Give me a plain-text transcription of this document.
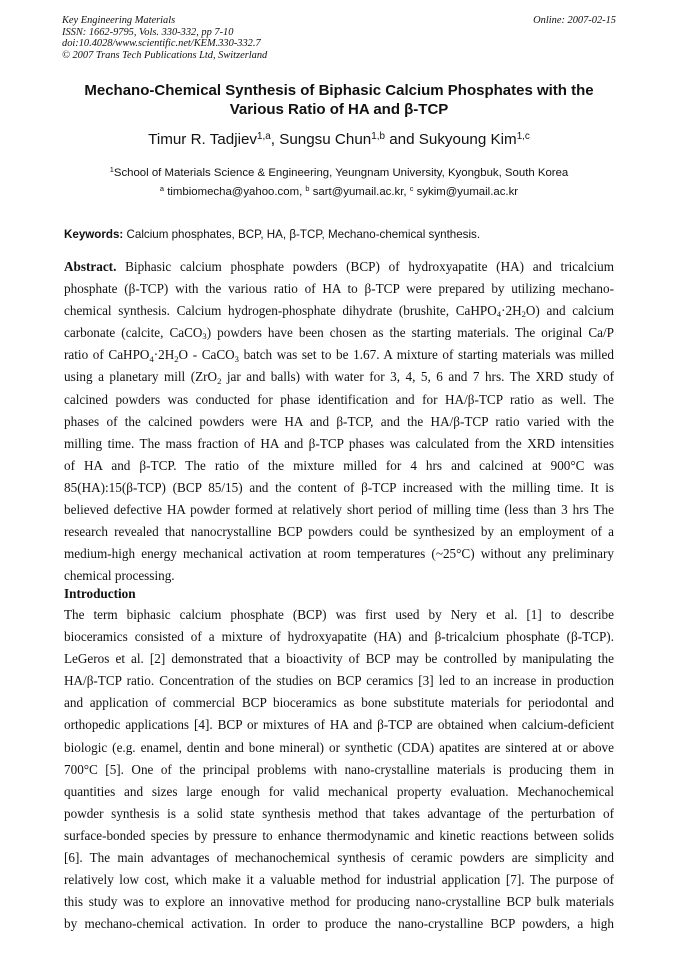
Key Engineering Materials
ISSN: 1662-9795, Vols. 330-332, pp 7-10
doi:10.4028/www.scientific.net/KEM.330-332.7
© 2007 Trans Tech Publications Ltd, Switzerland
Online: 2007-02-15
Mechano-Chemical Synthesis of Biphasic Calcium Phosphates with the
Various Ratio of HA and β-TCP
Timur R. Tadjiev$^{1,a}$, Sungsu Chun$^{1,b}$ and Sukyoung Kim$^{1,c}$
$^1$School of Materials Science & Engineering, Yeungnam University, Kyongbuk, South Korea
$^a$ timbiomecha@yahoo.com, $^b$ sart@yumail.ac.kr, $^c$ sykim@yumail.ac.kr
Keywords: Calcium phosphates, BCP, HA, β-TCP, Mechano-chemical synthesis.
Abstract. Biphasic calcium phosphate powders (BCP) of hydroxyapatite (HA) and tricalcium
phosphate (β-TCP) with the various ratio of HA to β-TCP were prepared by utilizing mechano-
chemical synthesis. Calcium hydrogen-phosphate dihydrate (brushite, $CaHPO_4\cdot 2H_2O$) and calcium
carbonate (calcite, CaCO$_3$) powders have been chosen as the starting materials. The original Ca/P
ratio of $CaHPO_4\cdot 2H_2O$ - CaCO$_3$ batch was set to be 1.67. A mixture of starting materials was milled
using a planetary mill (ZrO$_2$ jar and balls) with water for 3, 4, 5, 6 and 7 hrs. The XRD study of
calcined powders was conducted for phase identification and for HA/β-TCP ratio as well. The
phases of the calcined powders were HA and β-TCP, and the HA/β-TCP ratio varied with the
milling time. The mass fraction of HA and β-TCP phases was calculated from the XRD intensities
of HA and β-TCP. The ratio of the mixture milled for 4 hrs and calcined at 900°C was
85(HA):15(β-TCP) (BCP 85/15) and the content of β-TCP increased with the milling time. It is
believed defective HA powder formed at relatively short period of milling time (less than 3 hrs The
research revealed that nanocrystalline BCP powders could be synthesized by an employment of a
medium-high energy mechanical activation at room temperatures (~25°C) without any preliminary
chemical processing.
Introduction
The term biphasic calcium phosphate (BCP) was first used by Nery et al. [1] to describe
bioceramics consisted of a mixture of hydroxyapatite (HA) and β-tricalcium phosphate (β-TCP).
LeGeros et al. [2] demonstrated that a bioactivity of BCP may be controlled by manipulating the
HA/β-TCP ratio. Concentration of the studies on BCP ceramics [3] led to an increase in production
and application of commercial BCP bioceramics as bone substitute materials for periodontal and
orthopedic applications [4]. BCP or mixtures of HA and β-TCP are obtained when calcium-deficient
biologic (e.g. enamel, dentin and bone mineral) or synthetic (CDA) apatites are sintered at or above
700°C [5]. One of the principal problems with nano-crystalline materials is producing them in
quantities and sizes large enough for valid mechanical property evaluation. Mechanochemical
powder synthesis is a solid state synthesis method that takes advantage of the perturbation of
surface-bonded species by pressure to enhance thermodynamic and kinetic reactions between solids
[6]. The main advantages of mechanochemical synthesis of ceramic powders are simplicity and
relatively low cost, which make it a valuable method for industrial application [7]. The purpose of
this study was to explore an innovative method for producing nano-crystalline BCP bulk materials
by mechano-chemical activation. In order to produce the nano-crystalline BCP powders, a high
